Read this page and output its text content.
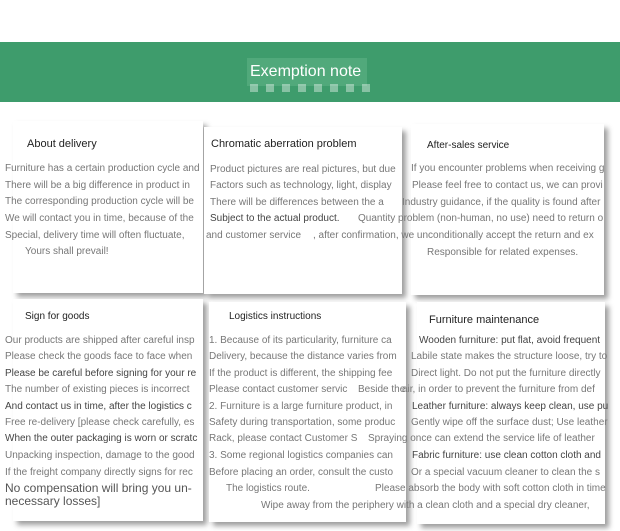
Exemption note
About delivery	Chromatic aberration problem	After-sales service
Sign for goods	Logistics instructions	Furniture maintenance
Furniture has a certain production cycle and
There will be a big difference in product in
The corresponding production cycle will be
We will contact you in time, because of the
Special, delivery time will often fluctuate,
Yours shall prevail!
Product pictures are real pictures, but due
Factors such as technology, light, display
There will be differences between the a
Subject to the actual product.
and customer service
If you encounter problems when receiving g
Please feel free to contact us, we can provi
Industry guidance, if the quality is found after
Quantity problem (non-human, no use) need to return o
, after confirmation, we unconditionally accept the return and ex
Responsible for related expenses.
Our products are shipped after careful insp
Please check the goods face to face when
Please be careful before signing for your re
The number of existing pieces is incorrect
And contact us in time, after the logistics c
Free re-delivery [please check carefully, es
When the outer packaging is worn or scratc
Unpacking inspection, damage to the good
If the freight company directly signs for rec
No compensation will bring you un-
necessary losses]
1. Because of its particularity, furniture ca
Delivery, because the distance varies from
If the product is different, the shipping fee
Please contact customer servic
2. Furniture is a large furniture product, in
Safety during transportation, some produc
Rack, please contact Customer S
3. Some regional logistics companies can
Before placing an order, consult the custo
The logistics route.
Wooden furniture: put flat, avoid frequent
Labile state makes the structure loose, try to
Direct light. Do not put the furniture directly
Beside the
air, in order to prevent the furniture from def
Leather furniture: always keep clean, use pu
Gently wipe off the surface dust; Use leather
Spraying once can extend the service life of leather
Fabric furniture: use clean cotton cloth and
Or a special vacuum cleaner to clean the s
Please absorb the body with soft cotton cloth in time
Wipe away from the periphery with a clean cloth and a special dry cleaner,
